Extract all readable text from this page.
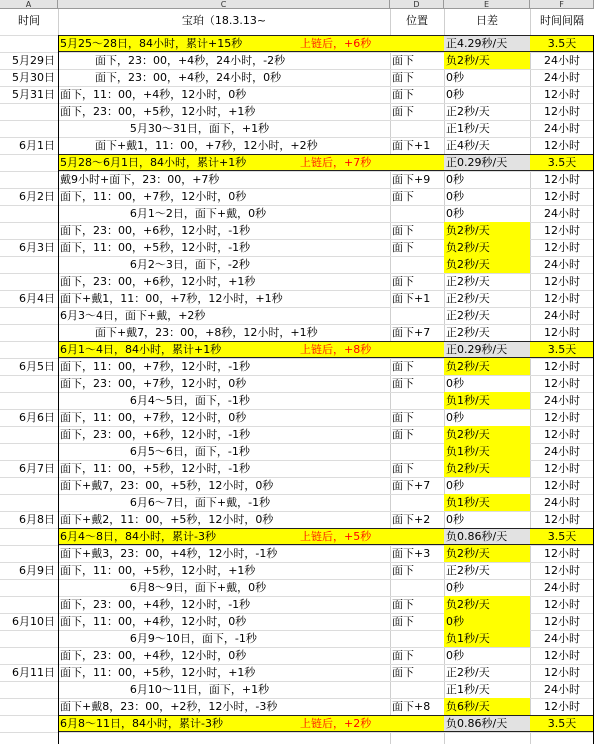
A	C	D	E	F
时间	宝珀（18.3.13~	位置	日差	时间间隔
5月25～28日，84小时，累计+15秒	上链后，+6秒	正4.29秒/天	3.5天
5月29日 面下，23：00，+4秒，24小时，-2秒	面下	负2秒/天	24小时
5月30日 面下，23：00，+4秒，24小时，0秒	面下	0秒	24小时
5月31日 面下，11：00，+4秒，12小时，0秒	面下	0秒	12小时
面下，23：00，+5秒，12小时，+1秒	面下	正2秒/天	12小时
5月30～31日，面下，+1秒	正1秒/天	24小时
6月1日 面下+戴1，11：00，+7秒，12小时，+2秒	面下+1	正4秒/天	12小时
5月28～6月1日，84小时，累计+1秒	上链后，+7秒	正0.29秒/天	3.5天
戴9小时+面下，23：00，+7秒	面下+9	0秒	12小时
6月2日 面下，11：00，+7秒，12小时，0秒	面下	0秒	12小时
6月1～2日，面下+戴，0秒	0秒	24小时
面下，23：00，+6秒，12小时，-1秒	面下	负2秒/天	12小时
6月3日 面下，11：00，+5秒，12小时，-1秒	面下	负2秒/天	12小时
6月2～3日，面下，-2秒	负2秒/天	24小时
面下，23：00，+6秒，12小时，+1秒	面下	正2秒/天	12小时
6月4日 面下+戴1，11：00，+7秒，12小时，+1秒	面下+1	正2秒/天	12小时
6月3～4日，面下+戴，+2秒	正2秒/天	24小时
面下+戴7，23：00，+8秒，12小时，+1秒	面下+7	正2秒/天	12小时
6月1～4日，84小时，累计+1秒	上链后，+8秒	正0.29秒/天	3.5天
6月5日 面下，11：00，+7秒，12小时，-1秒	面下	负2秒/天	12小时
面下，23：00，+7秒，12小时，0秒	面下	0秒	12小时
6月4～5日，面下，-1秒	负1秒/天	24小时
6月6日 面下，11：00，+7秒，12小时，0秒	面下	0秒	12小时
面下，23：00，+6秒，12小时，-1秒	面下	负2秒/天	12小时
6月5～6日，面下，-1秒	负1秒/天	24小时
6月7日 面下，11：00，+5秒，12小时，-1秒	面下	负2秒/天	12小时
面下+戴7，23：00，+5秒，12小时，0秒	面下+7	0秒	12小时
6月6～7日，面下+戴，-1秒	负1秒/天	24小时
6月8日 面下+戴2，11：00，+5秒，12小时，0秒	面下+2	0秒	12小时
6月4～8日，84小时，累计-3秒	上链后，+5秒	负0.86秒/天	3.5天
面下+戴3，23：00，+4秒，12小时，-1秒	面下+3	负2秒/天	12小时
6月9日 面下，11：00，+5秒，12小时，+1秒	面下	正2秒/天	12小时
6月8～9日，面下+戴，0秒	0秒	24小时
面下，23：00，+4秒，12小时，-1秒	面下	负2秒/天	12小时
6月10日 面下，11：00，+4秒，12小时，0秒	面下	0秒	12小时
6月9～10日，面下，-1秒	负1秒/天	24小时
面下，23：00，+4秒，12小时，0秒	面下	0秒	12小时
6月11日 面下，11：00，+5秒，12小时，+1秒	面下	正2秒/天	12小时
6月10～11日，面下，+1秒	正1秒/天	24小时
面下+戴8，23：00，+2秒，12小时，-3秒	面下+8	负6秒/天	12小时
6月8～11日，84小时，累计-3秒	上链后，+2秒	负0.86秒/天	3.5天
